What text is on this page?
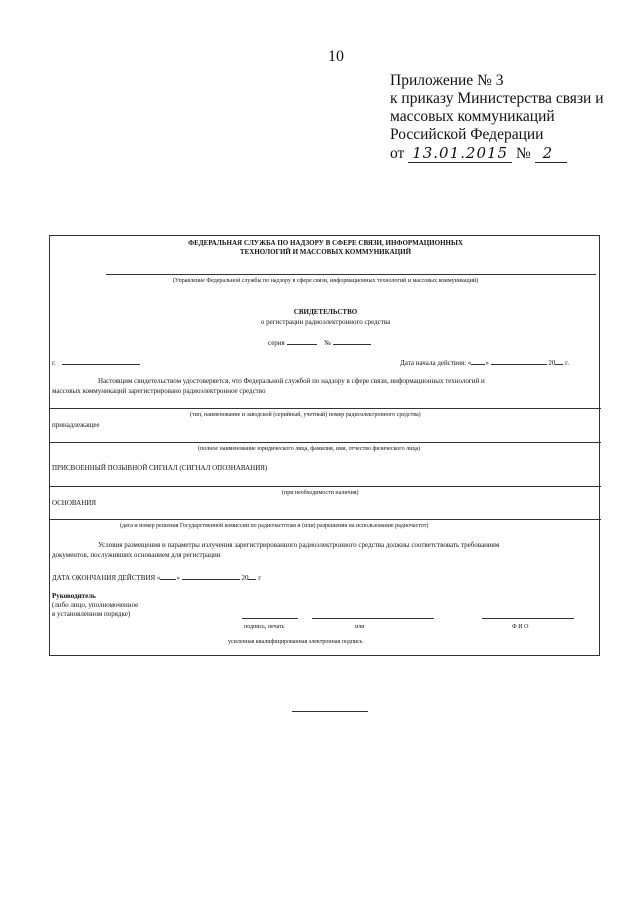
10
Приложение № 3
к приказу Министерства связи и
массовых коммуникаций
Российской Федерации
от 13.01.2015 № 2
ФЕДЕРАЛЬНАЯ СЛУЖБА ПО НАДЗОРУ В СФЕРЕ СВЯЗИ, ИНФОРМАЦИОННЫХ
ТЕХНОЛОГИЙ И МАССОВЫХ КОММУНИКАЦИЙ
(Управление Федеральной службы по надзору в сфере связи, информационных технологий и массовых коммуникаций)
СВИДЕТЕЛЬСТВО
о регистрации радиоэлектронного средства
серия	№
г.	Дата начала действия: « »	20 г.
Настоящим свидетельством удостоверяется, что Федеральной службой по надзору в сфере связи, информационных технологий и
массовых коммуникаций зарегистрировано радиоэлектронное средство
(тип, наименование и заводской (серийный, учетный) номер радиоэлектронного средства)
принадлежащее
(полное наименование юридического лица, фамилия, имя, отчество физического лица)
ПРИСВОЕННЫЙ ПОЗЫВНОЙ СИГНАЛ (СИГНАЛ ОПОЗНАВАНИЯ)
(при необходимости наличия)
ОСНОВАНИЯ
(дата и номер решения Государственной комиссии по радиочастотам и (или) разрешения на использование радиочастот)
Условия размещения и параметры излучения зарегистрированного радиоэлектронного средства должны соответствовать требованиям
документов, послуживших основанием для регистрации
ДАТА ОКОНЧАНИЯ ДЕЙСТВИЯ « »	20 г
Руководитель
(либо лицо, уполномоченное
в установленном порядке)
подпись, печать	или	Ф И О
усиленная квалифицированная электронная подпись
